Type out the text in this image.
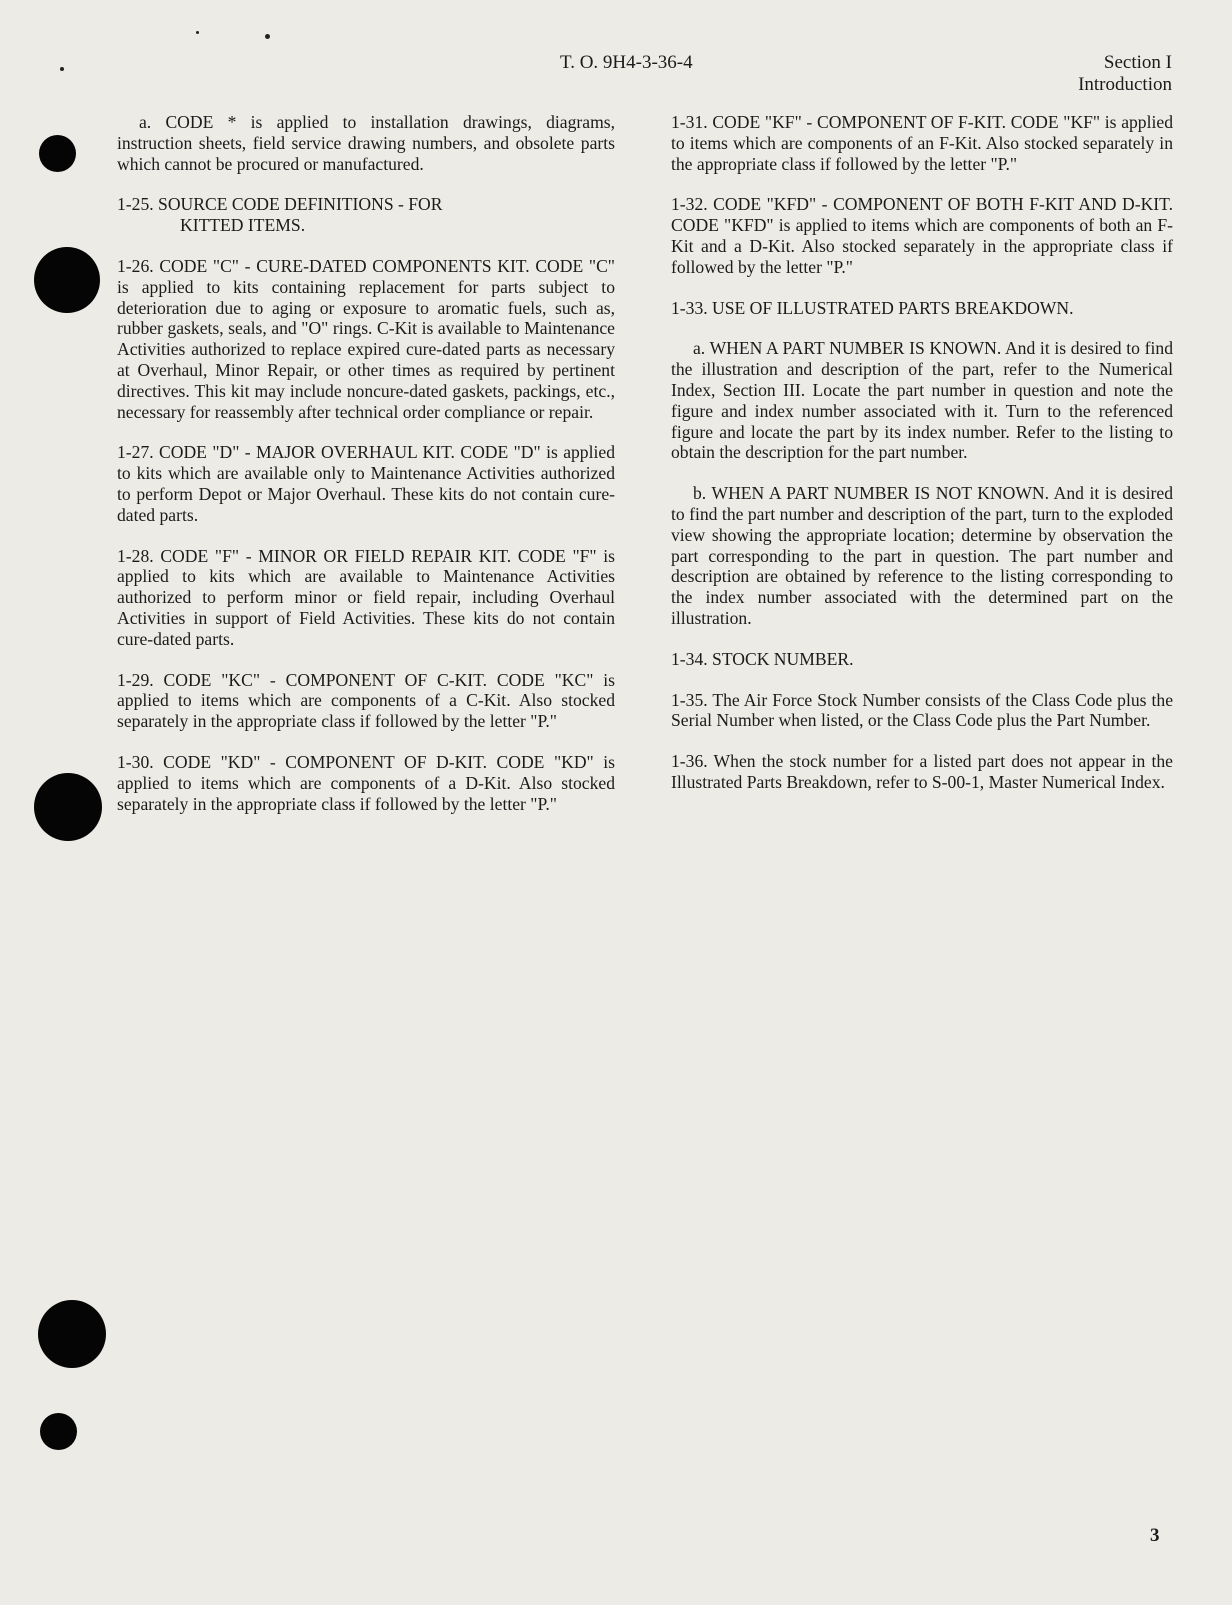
T. O. 9H4-3-36-4	Section I
Introduction

a. CODE * is applied to installation drawings, diagrams, instruction sheets, field service drawing numbers, and obsolete parts which cannot be procured or manufactured.

1-25. SOURCE CODE DEFINITIONS - FOR

KITTED ITEMS.

1-26. CODE "C" - CURE-DATED COMPONENTS KIT. CODE "C" is applied to kits containing replacement for parts subject to deterioration due to aging or exposure to aromatic fuels, such as, rubber gaskets, seals, and "O" rings. C-Kit is available to Maintenance Activities authorized to replace expired cure-dated parts as necessary at Overhaul, Minor Repair, or other times as required by pertinent directives. This kit may include noncure-dated gaskets, packings, etc., necessary for reassembly after technical order compliance or repair.

1-27. CODE "D" - MAJOR OVERHAUL KIT. CODE "D" is applied to kits which are available only to Maintenance Activities authorized to perform Depot or Major Overhaul. These kits do not contain cure-dated parts.

1-28. CODE "F" - MINOR OR FIELD REPAIR KIT. CODE "F" is applied to kits which are available to Maintenance Activities authorized to perform minor or field repair, including Overhaul Activities in support of Field Activities. These kits do not contain cure-dated parts.

1-29. CODE "KC" - COMPONENT OF C-KIT. CODE "KC" is applied to items which are components of a C-Kit. Also stocked separately in the appropriate class if followed by the letter "P."

1-30. CODE "KD" - COMPONENT OF D-KIT. CODE "KD" is applied to items which are components of a D-Kit. Also stocked separately in the appropriate class if followed by the letter "P."

1-31. CODE "KF" - COMPONENT OF F-KIT. CODE "KF" is applied to items which are components of an F-Kit. Also stocked separately in the appropriate class if followed by the letter "P."

1-32. CODE "KFD" - COMPONENT OF BOTH F-KIT AND D-KIT. CODE "KFD" is applied to items which are components of both an F-Kit and a D-Kit. Also stocked separately in the appropriate class if followed by the letter "P."

1-33. USE OF ILLUSTRATED PARTS BREAKDOWN.

a. WHEN A PART NUMBER IS KNOWN. And it is desired to find the illustration and description of the part, refer to the Numerical Index, Section III. Locate the part number in question and note the figure and index number associated with it. Turn to the referenced figure and locate the part by its index number. Refer to the listing to obtain the description for the part number.

b. WHEN A PART NUMBER IS NOT KNOWN. And it is desired to find the part number and description of the part, turn to the exploded view showing the appropriate location; determine by observation the part corresponding to the part in question. The part number and description are obtained by reference to the listing corresponding to the index number associated with the determined part on the illustration.

1-34. STOCK NUMBER.

1-35. The Air Force Stock Number consists of the Class Code plus the Serial Number when listed, or the Class Code plus the Part Number.

1-36. When the stock number for a listed part does not appear in the Illustrated Parts Breakdown, refer to S-00-1, Master Numerical Index.

3
